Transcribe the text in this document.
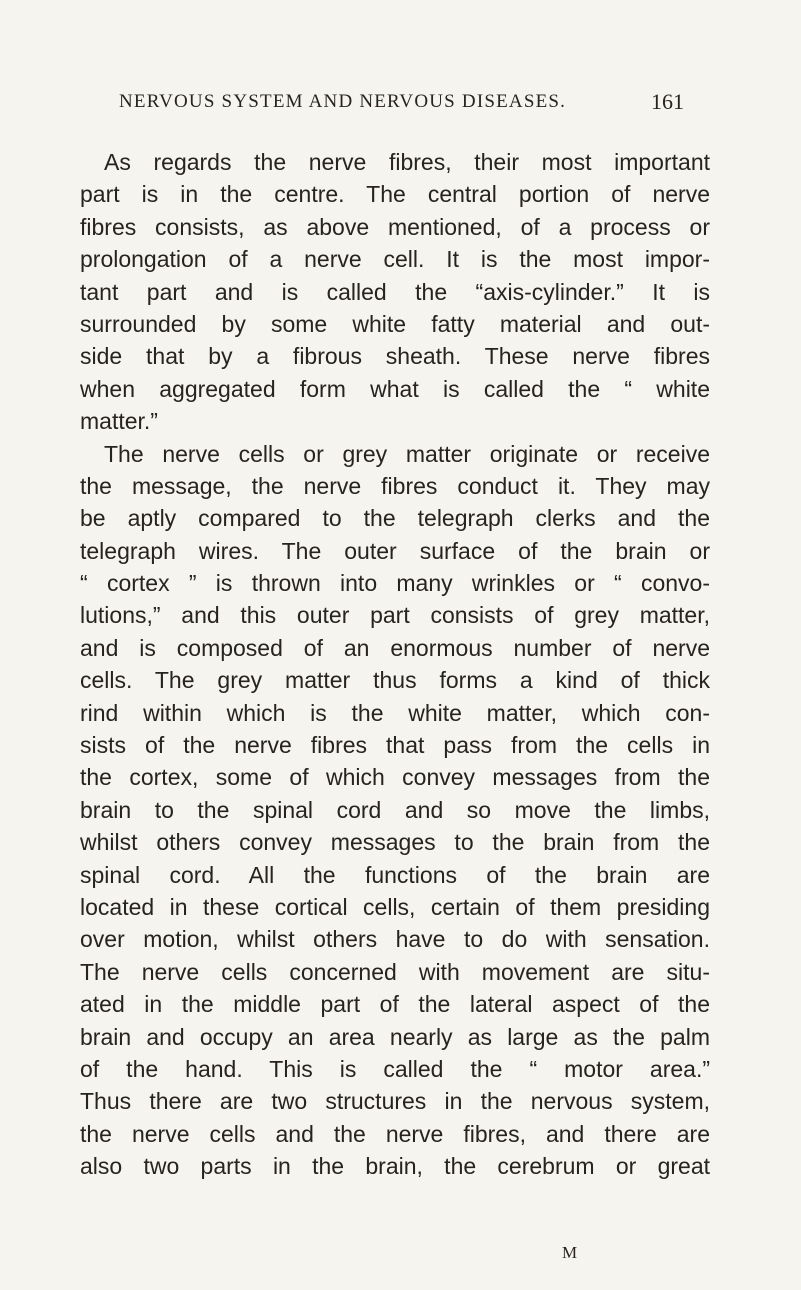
NERVOUS SYSTEM AND NERVOUS DISEASES.	161
As regards the nerve fibres, their most important
part is in the centre. The central portion of nerve
fibres consists, as above mentioned, of a process or
prolongation of a nerve cell. It is the most impor-
tant part and is called the “axis-cylinder.” It is
surrounded by some white fatty material and out-
side that by a fibrous sheath. These nerve fibres
when aggregated form what is called the “ white
matter.”
The nerve cells or grey matter originate or receive
the message, the nerve fibres conduct it. They may
be aptly compared to the telegraph clerks and the
telegraph wires. The outer surface of the brain or
“ cortex ” is thrown into many wrinkles or “ convo-
lutions,” and this outer part consists of grey matter,
and is composed of an enormous number of nerve
cells. The grey matter thus forms a kind of thick
rind within which is the white matter, which con-
sists of the nerve fibres that pass from the cells in
the cortex, some of which convey messages from the
brain to the spinal cord and so move the limbs,
whilst others convey messages to the brain from the
spinal cord. All the functions of the brain are
located in these cortical cells, certain of them presiding
over motion, whilst others have to do with sensation.
The nerve cells concerned with movement are situ-
ated in the middle part of the lateral aspect of the
brain and occupy an area nearly as large as the palm
of the hand. This is called the “ motor area.”
Thus there are two structures in the nervous system,
the nerve cells and the nerve fibres, and there are
also two parts in the brain, the cerebrum or great
M
